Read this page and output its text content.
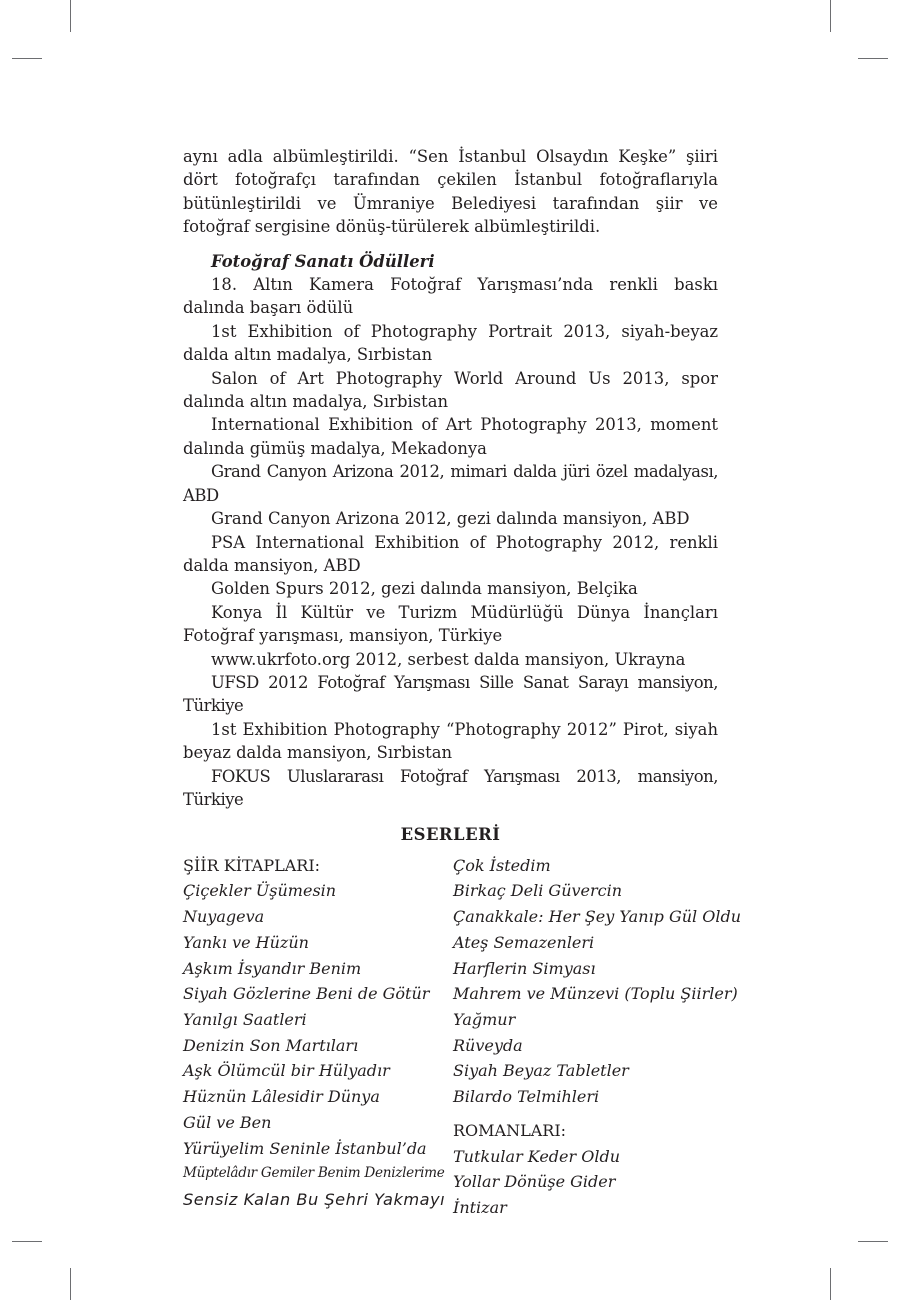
aynı adla albümleştirildi. “Sen İstanbul Olsaydın Keşke” şiiri dört fotoğrafçı tarafından çekilen İstanbul fotoğraflarıyla bütünleştirildi ve Ümraniye Belediyesi tarafından şiir ve fotoğraf sergisine dönüş-türülerek albümleştirildi.

Fotoğraf Sanatı Ödülleri

18. Altın Kamera Fotoğraf Yarışması’nda renkli baskı dalında başarı ödülü

1st Exhibition of Photography Portrait 2013, siyah-beyaz dalda altın madalya, Sırbistan

Salon of Art Photography World Around Us 2013, spor dalında altın madalya, Sırbistan

International Exhibition of Art Photography 2013, moment dalında gümüş madalya, Mekadonya

Grand Canyon Arizona 2012, mimari dalda jüri özel madalyası, ABD

Grand Canyon Arizona 2012, gezi dalında mansiyon, ABD

PSA International Exhibition of Photography 2012, renkli dalda mansiyon, ABD

Golden Spurs 2012, gezi dalında mansiyon, Belçika

Konya İl Kültür ve Turizm Müdürlüğü Dünya İnançları Fotoğraf yarışması, mansiyon, Türkiye

www.ukrfoto.org 2012, serbest dalda mansiyon, Ukrayna

UFSD 2012 Fotoğraf Yarışması Sille Sanat Sarayı mansiyon, Türkiye

1st Exhibition Photography “Photography 2012” Pirot, siyah beyaz dalda mansiyon, Sırbistan

FOKUS Uluslararası Fotoğraf Yarışması 2013, mansiyon, Türkiye

ESERLERİ

ŞİİR KİTAPLARI:
Çiçekler Üşümesin
Nuyageva
Yankı ve Hüzün
Aşkım İsyandır Benim
Siyah Gözlerine Beni de Götür
Yanılgı Saatleri
Denizin Son Martıları
Aşk Ölümcül bir Hülyadır
Hüznün Lâlesidir Dünya
Gül ve Ben
Yürüyelim Seninle İstanbul’da
Müptelâdır Gemiler Benim Denizlerime
Sensiz Kalan Bu Şehri Yakmayı
Çok İstedim
Birkaç Deli Güvercin
Çanakkale: Her Şey Yanıp Gül Oldu
Ateş Semazenleri
Harflerin Simyası
Mahrem ve Münzevi (Toplu Şiirler)
Yağmur
Rüveyda
Siyah Beyaz Tabletler
Bilardo Telmihleri
ROMANLARI:
Tutkular Keder Oldu
Yollar Dönüşe Gider
İntizar
